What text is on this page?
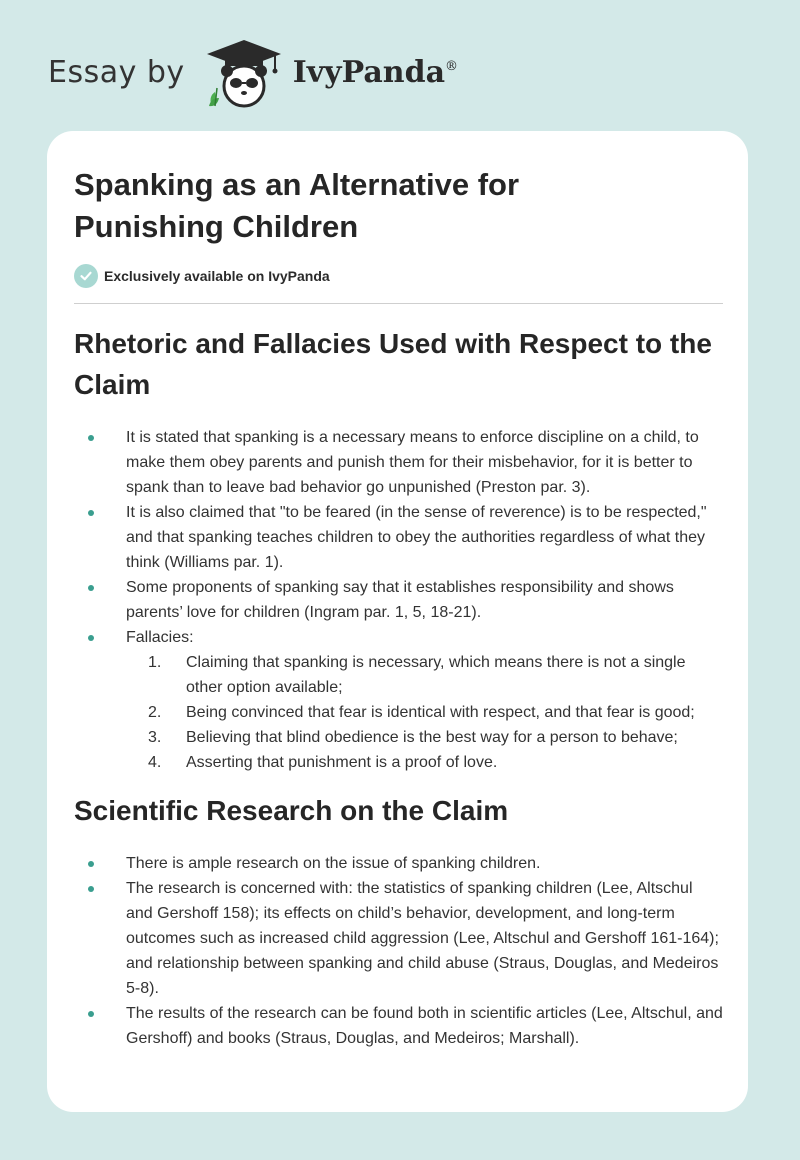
Essay by	IvyPanda®
Spanking as an Alternative for Punishing Children
Exclusively available on IvyPanda
Rhetoric and Fallacies Used with Respect to the Claim
It is stated that spanking is a necessary means to enforce discipline on a child, to make them obey parents and punish them for their misbehavior, for it is better to spank than to leave bad behavior go unpunished (Preston par. 3).
It is also claimed that "to be feared (in the sense of reverence) is to be respected," and that spanking teaches children to obey the authorities regardless of what they think (Williams par. 1).
Some proponents of spanking say that it establishes responsibility and shows parents’ love for children (Ingram par. 1, 5, 18-21).
Fallacies:
1. Claiming that spanking is necessary, which means there is not a single other option available;
2. Being convinced that fear is identical with respect, and that fear is good;
3. Believing that blind obedience is the best way for a person to behave;
4. Asserting that punishment is a proof of love.
Scientific Research on the Claim
There is ample research on the issue of spanking children.
The research is concerned with: the statistics of spanking children (Lee, Altschul and Gershoff 158); its effects on child’s behavior, development, and long-term outcomes such as increased child aggression (Lee, Altschul and Gershoff 161-164); and relationship between spanking and child abuse (Straus, Douglas, and Medeiros 5-8).
The results of the research can be found both in scientific articles (Lee, Altschul, and Gershoff) and books (Straus, Douglas, and Medeiros; Marshall).
